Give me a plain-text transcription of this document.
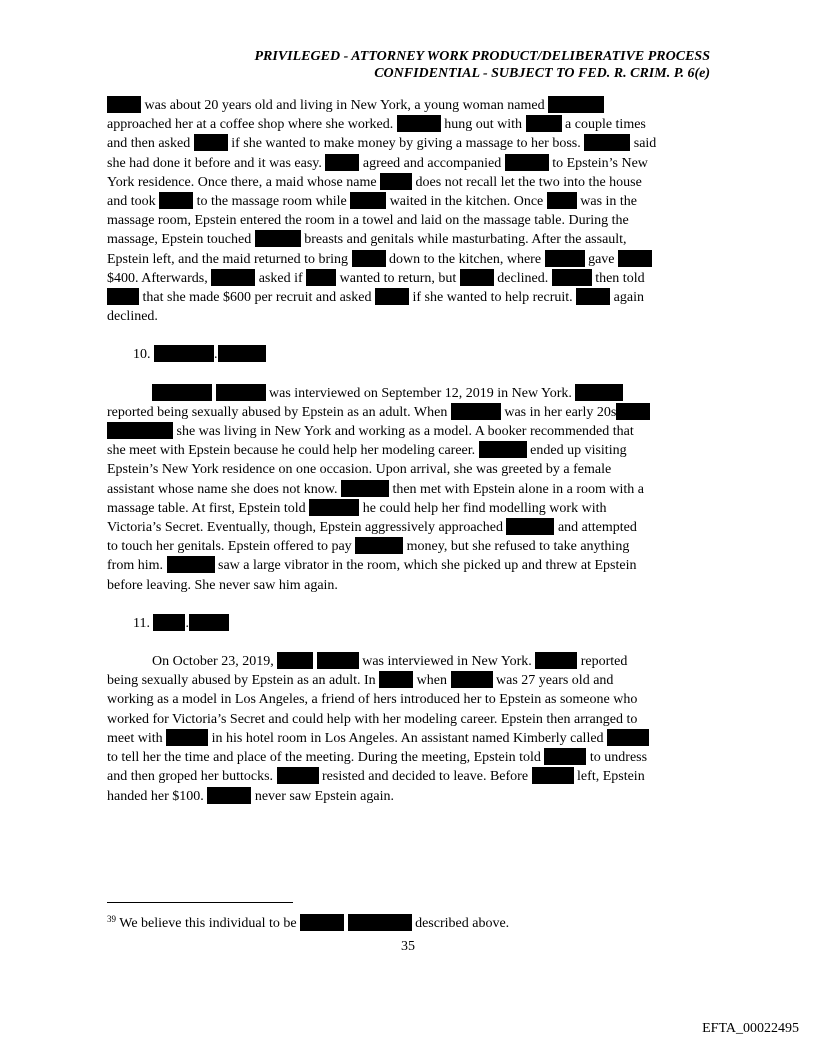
PRIVILEGED - ATTORNEY WORK PRODUCT/DELIBERATIVE PROCESS
CONFIDENTIAL - SUBJECT TO FED. R. CRIM. P. 6(e)
was about 20 years old and living in New York, a young woman named
approached her at a coffee shop where she worked.	hung out with	a couple times
and then asked	if she wanted to make money by giving a massage to her boss.	said
she had done it before and it was easy.	agreed and accompanied	to Epstein’s New
York residence. Once there, a maid whose name	does not recall let the two into the house
and took	to the massage room while	waited in the kitchen. Once	was in the
massage room, Epstein entered the room in a towel and laid on the massage table. During the
massage, Epstein touched	breasts and genitals while masturbating. After the assault,
Epstein left, and the maid returned to bring	down to the kitchen, where	gave
$400. Afterwards,	asked if	wanted to return, but	declined.	then told
that she made $600 per recruit and asked	if she wanted to help recruit.	again
declined.
10.	.
was interviewed on September 12, 2019 in New York.
reported being sexually abused by Epstein as an adult. When	was in her early 20s
she was living in New York and working as a model. A booker recommended that
she meet with Epstein because he could help her modeling career.	ended up visiting
Epstein’s New York residence on one occasion. Upon arrival, she was greeted by a female
assistant whose name she does not know.	then met with Epstein alone in a room with a
massage table. At first, Epstein told	he could help her find modelling work with
Victoria’s Secret. Eventually, though, Epstein aggressively approached	and attempted
to touch her genitals. Epstein offered to pay	money, but she refused to take anything
from him.	saw a large vibrator in the room, which she picked up and threw at Epstein
before leaving. She never saw him again.
11.	.
On October 23, 2019,	was interviewed in New York.	reported
being sexually abused by Epstein as an adult. In	when	was 27 years old and
working as a model in Los Angeles, a friend of hers introduced her to Epstein as someone who
worked for Victoria’s Secret and could help with her modeling career. Epstein then arranged to
meet with	in his hotel room in Los Angeles. An assistant named Kimberly called
to tell her the time and place of the meeting. During the meeting, Epstein told	to undress
and then groped her buttocks.	resisted and decided to leave. Before	left, Epstein
handed her $100.	never saw Epstein again.
$^{39}$ We believe this individual to be	described above.
35
EFTA_00022495
